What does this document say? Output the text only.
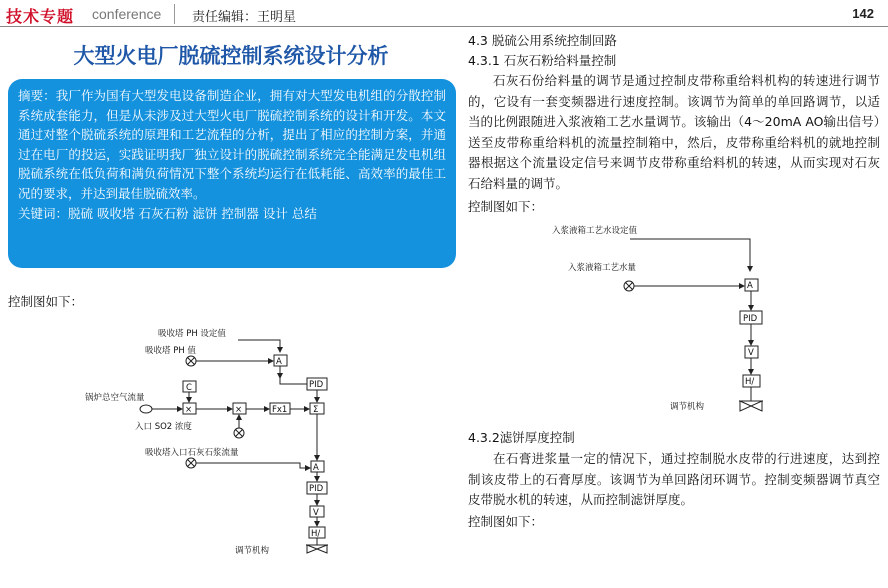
技术专题 conference 责任编辑：王明星	142
大型火电厂脱硫控制系统设计分析

摘要：我厂作为国有大型发电设备制造企业，拥有对大型发电机组的分散控制系统成套能力，但是从未涉及过大型火电厂脱硫控制系统的设计和开发。本文通过对整个脱硫系统的原理和工艺流程的分析，提出了相应的控制方案，并通过在电厂的投运，实践证明我厂独立设计的脱硫控制系统完全能满足发电机组脱硫系统在低负荷和满负荷情况下整个系统均运行在低耗能、高效率的最佳工况的要求，并达到最佳脱硫效率。

关键词：脱硫 吸收塔 石灰石粉 滤饼 控制器 设计 总结

控制图如下：
吸收塔 PH 设定值
吸收塔 PH 值
A
PID
C
锅炉总空气流量
×	×	Fx1	Σ
入口 SO2 浓度
吸收塔入口石灰石浆流量
A
PID
V
H/
调节机构
入浆液箱工艺水设定值
入浆液箱工艺水量
A
PID
V
H/
调节机构
4.3 脱硫公用系统控制回路
4.3.1 石灰石粉给料量控制
石灰石份给料量的调节是通过控制皮带称重给料机构的转速进行调节的，它设有一套变频器进行速度控制。该调节为简单的单回路调节，以适当的比例跟随进入浆液箱工艺水量调节。该输出（4～20mA AO输出信号）送至皮带称重给料机的流量控制箱中，然后，皮带称重给料机的就地控制器根据这个流量设定信号来调节皮带称重给料机的转速，从而实现对石灰石给料量的调节。
控制图如下：
4.3.2滤饼厚度控制
在石膏进浆量一定的情况下，通过控制脱水皮带的行进速度，达到控制该皮带上的石膏厚度。该调节为单回路闭环调节。控制变频器调节真空皮带脱水机的转速，从而控制滤饼厚度。
控制图如下：
